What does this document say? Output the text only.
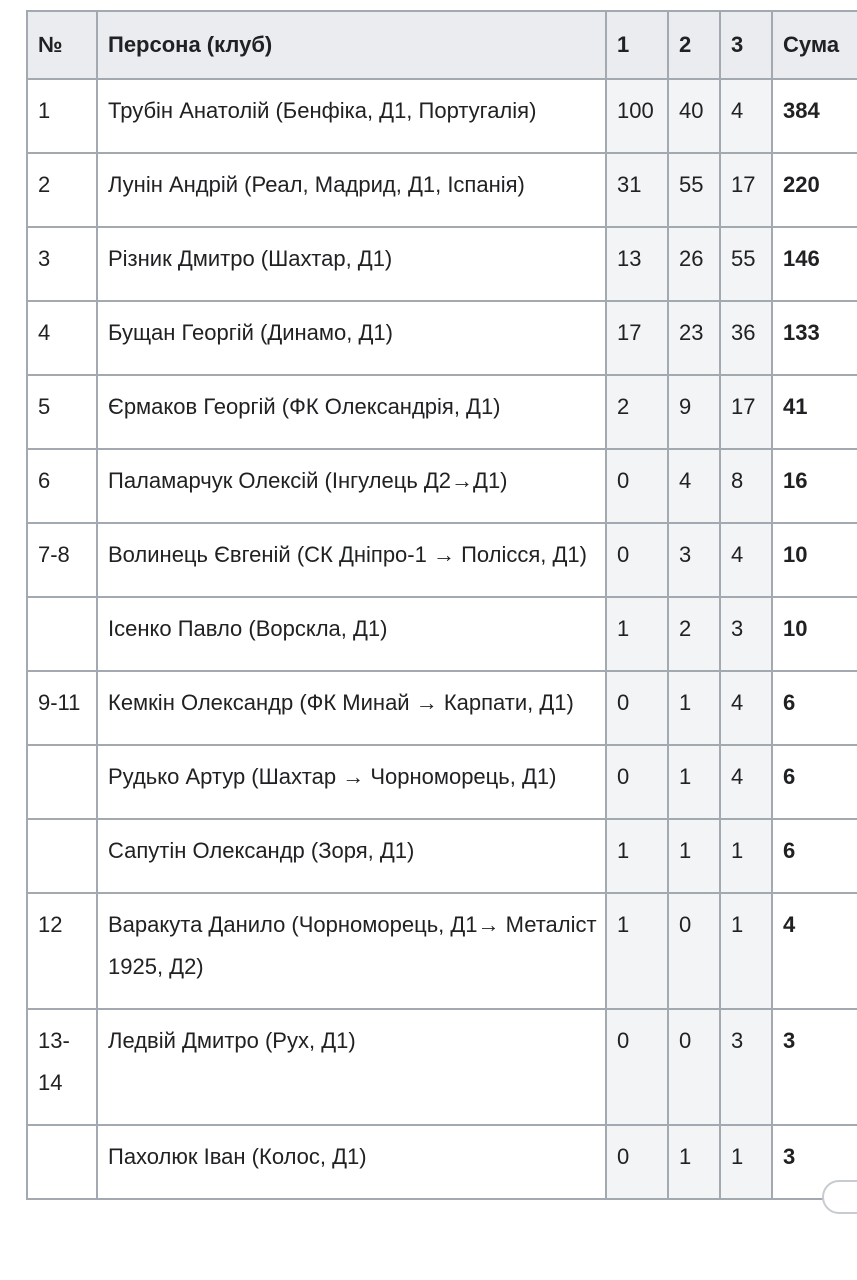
№	Персона (клуб)	1	2	3	Сума
1	Трубін Анатолій (Бенфіка, Д1, Португалія)	100	40	4	384
2	Лунін Андрій (Реал, Мадрид, Д1, Іспанія)	31	55	17	220
3	Різник Дмитро (Шахтар, Д1)	13	26	55	146
4	Бущан Георгій (Динамо, Д1)	17	23	36	133
5	Єрмаков Георгій (ФК Олександрія, Д1)	2	9	17	41
6	Паламарчук Олексій (Інгулець Д2→Д1)	0	4	8	16
7-8	Волинець Євгеній (СК Дніпро-1 → Полісся, Д1)	0	3	4	10
	Ісенко Павло (Ворскла, Д1)	1	2	3	10
9-11	Кемкін Олександр (ФК Минай → Карпати, Д1)	0	1	4	6
	Рудько Артур (Шахтар → Чорноморець, Д1)	0	1	4	6
	Сапутін Олександр (Зоря, Д1)	1	1	1	6
12	Варакута Данило (Чорноморець, Д1→ Металіст 1925, Д2)	1	0	1	4
13-14	Ледвій Дмитро (Рух, Д1)	0	0	3	3
	Пахолюк Іван (Колос, Д1)	0	1	1	3
